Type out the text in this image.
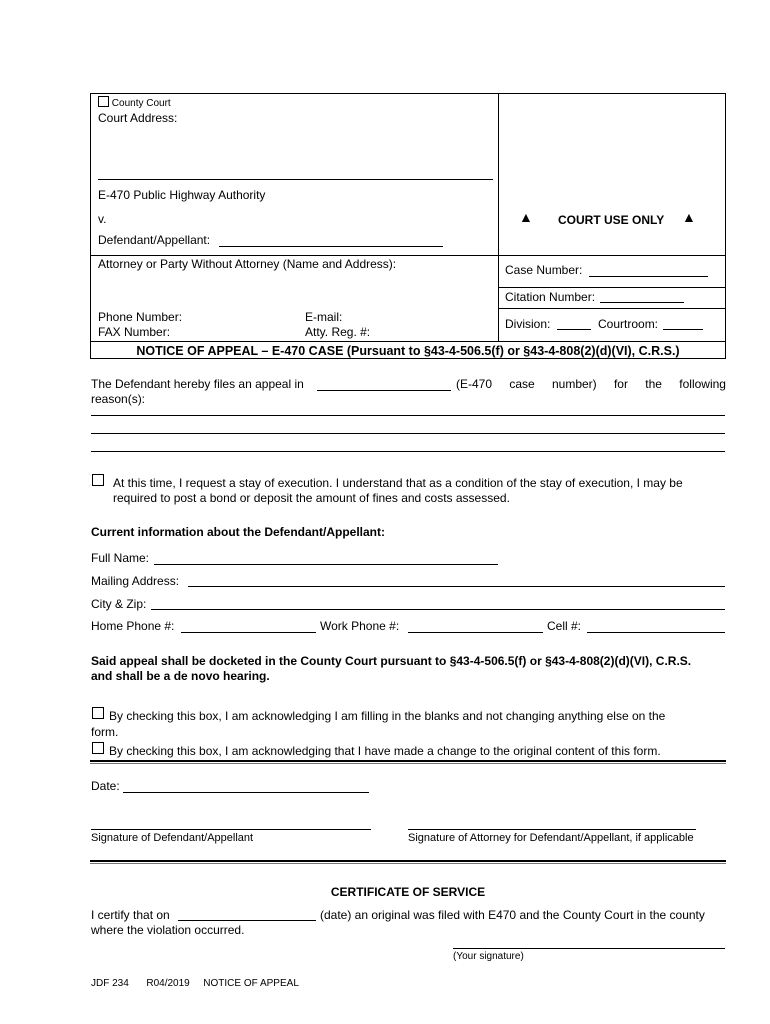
County Court
Court Address:
E-470 Public Highway Authority
v.
Defendant/Appellant:
▲ COURT USE ONLY ▲
Attorney or Party Without Attorney (Name and Address):
Phone Number:	E-mail:
FAX Number:	Atty. Reg. #:
Case Number:
Citation Number:
Division:	Courtroom:
NOTICE OF APPEAL – E-470 CASE (Pursuant to §43-4-506.5(f) or §43-4-808(2)(d)(VI), C.R.S.)
The Defendant hereby files an appeal in	(E-470 case number) for the following
reason(s):
At this time, I request a stay of execution. I understand that as a condition of the stay of execution, I may be
required to post a bond or deposit the amount of fines and costs assessed.
Current information about the Defendant/Appellant:
Full Name:
Mailing Address:
City & Zip:
Home Phone #:	Work Phone #:	Cell #:
Said appeal shall be docketed in the County Court pursuant to §43-4-506.5(f) or §43-4-808(2)(d)(VI), C.R.S.
and shall be a de novo hearing.
By checking this box, I am acknowledging I am filling in the blanks and not changing anything else on the
form.
By checking this box, I am acknowledging that I have made a change to the original content of this form.
Date:
Signature of Defendant/Appellant	Signature of Attorney for Defendant/Appellant, if applicable
CERTIFICATE OF SERVICE
I certify that on	(date) an original was filed with E470 and the County Court in the county
where the violation occurred.
(Your signature)
JDF 234 R04/2019 NOTICE OF APPEAL
